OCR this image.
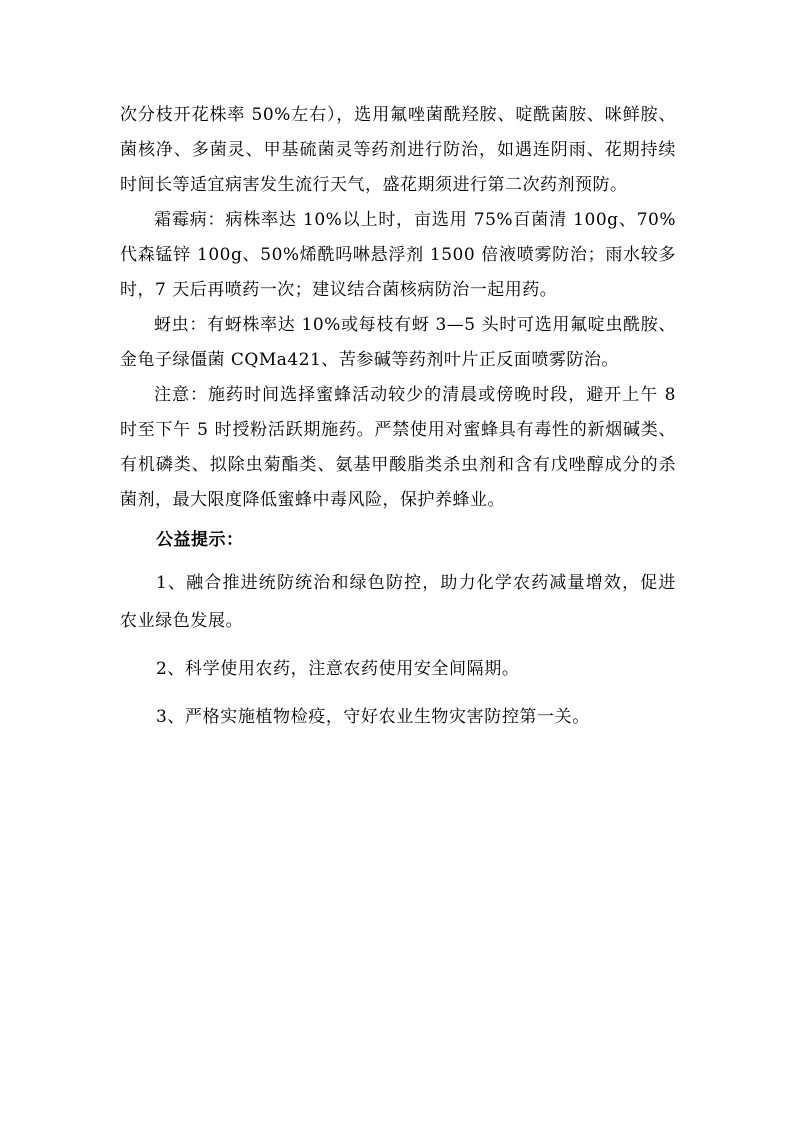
次分枝开花株率 50%左右），选用氟唑菌酰羟胺、啶酰菌胺、咪鲜胺、菌核净、多菌灵、甲基硫菌灵等药剂进行防治，如遇连阴雨、花期持续时间长等适宜病害发生流行天气，盛花期须进行第二次药剂预防。

霜霉病：病株率达 10%以上时，亩选用 75%百菌清 100g、70%代森锰锌 100g、50%烯酰吗啉悬浮剂 1500 倍液喷雾防治；雨水较多时，7 天后再喷药一次；建议结合菌核病防治一起用药。

蚜虫：有蚜株率达 10%或每枝有蚜 3—5 头时可选用氟啶虫酰胺、金龟子绿僵菌 CQMa421、苦参碱等药剂叶片正反面喷雾防治。

注意：施药时间选择蜜蜂活动较少的清晨或傍晚时段，避开上午 8 时至下午 5 时授粉活跃期施药。严禁使用对蜜蜂具有毒性的新烟碱类、有机磷类、拟除虫菊酯类、氨基甲酸脂类杀虫剂和含有戊唑醇成分的杀菌剂，最大限度降低蜜蜂中毒风险，保护养蜂业。

公益提示：

1、融合推进统防统治和绿色防控，助力化学农药减量增效，促进农业绿色发展。

2、科学使用农药，注意农药使用安全间隔期。

3、严格实施植物检疫，守好农业生物灾害防控第一关。
